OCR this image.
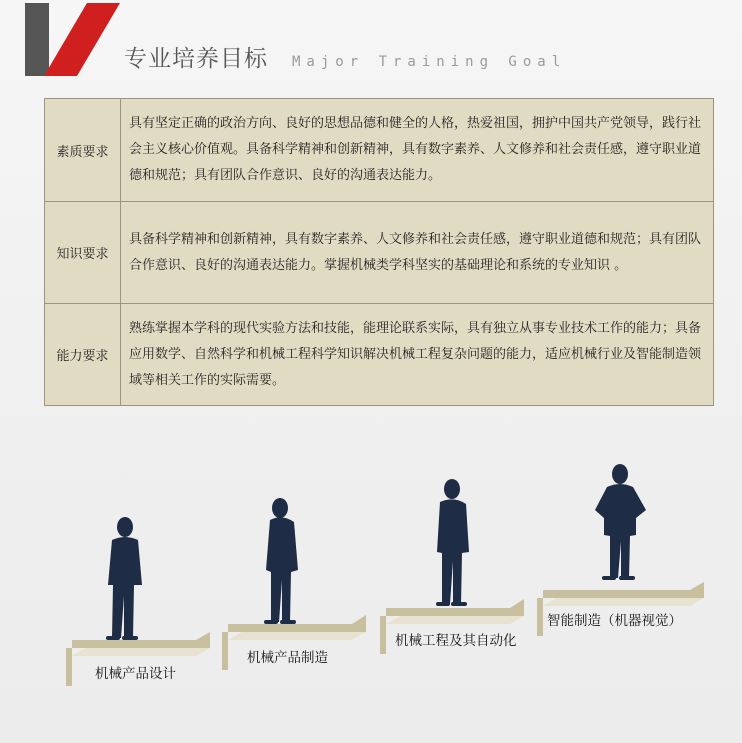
专业培养目标 Major Training Goal
素质要求	具有坚定正确的政治方向、良好的思想品德和健全的人格，热爱祖国，拥护中国共产党领导，践行社会主义核心价值观。具备科学精神和创新精神，具有数字素养、人文修养和社会责任感，遵守职业道德和规范；具有团队合作意识、良好的沟通表达能力。
知识要求	具备科学精神和创新精神，具有数字素养、人文修养和社会责任感，遵守职业道德和规范；具有团队合作意识、良好的沟通表达能力。掌握机械类学科坚实的基础理论和系统的专业知识 。
能力要求	熟练掌握本学科的现代实验方法和技能，能理论联系实际，具有独立从事专业技术工作的能力；具备应用数学、自然科学和机械工程科学知识解决机械工程复杂问题的能力，适应机械行业及智能制造领域等相关工作的实际需要。
机械产品设计
机械产品制造
机械工程及其自动化
智能制造（机器视觉）
